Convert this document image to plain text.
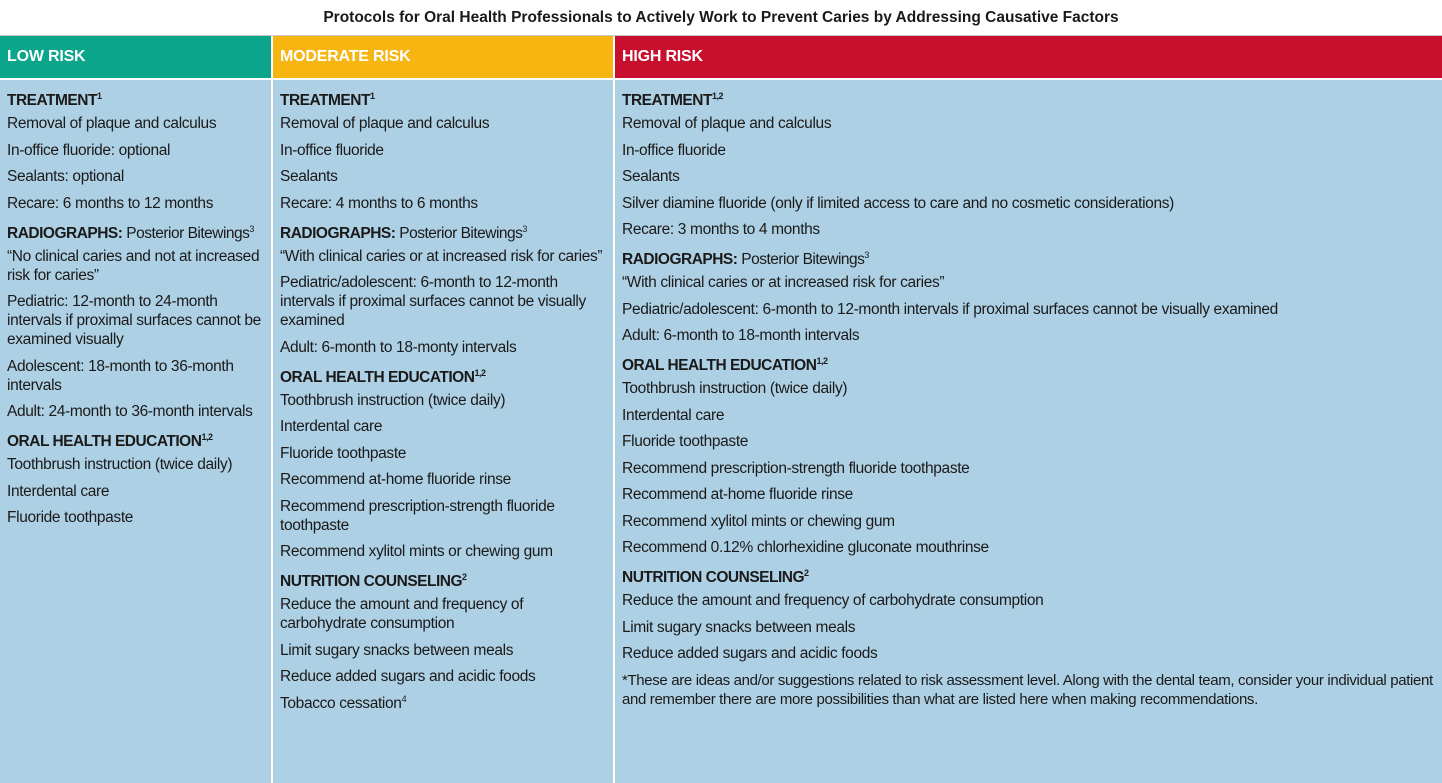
Protocols for Oral Health Professionals to Actively Work to Prevent Caries by Addressing Causative Factors
LOW RISK
TREATMENT$^1$
Removal of plaque and calculus
In-office fluoride: optional
Sealants: optional
Recare: 6 months to 12 months
RADIOGRAPHS: Posterior Bitewings$^3$
“No clinical caries and not at increased risk for caries”
Pediatric: 12-month to 24-month intervals if proximal surfaces cannot be examined visually
Adolescent: 18-month to 36-month intervals
Adult: 24-month to 36-month intervals
ORAL HEALTH EDUCATION$^{1,2}$
Toothbrush instruction (twice daily)
Interdental care
Fluoride toothpaste
MODERATE RISK
TREATMENT$^1$
Removal of plaque and calculus
In-office fluoride
Sealants
Recare: 4 months to 6 months
RADIOGRAPHS: Posterior Bitewings$^3$
“With clinical caries or at increased risk for caries”
Pediatric/adolescent: 6-month to 12-month intervals if proximal surfaces cannot be visually examined
Adult: 6-month to 18-monty intervals
ORAL HEALTH EDUCATION$^{1,2}$
Toothbrush instruction (twice daily)
Interdental care
Fluoride toothpaste
Recommend at-home fluoride rinse
Recommend prescription-strength fluoride toothpaste
Recommend xylitol mints or chewing gum
NUTRITION COUNSELING$^2$
Reduce the amount and frequency of carbohydrate consumption
Limit sugary snacks between meals
Reduce added sugars and acidic foods
Tobacco cessation$^4$
HIGH RISK
TREATMENT$^{1,2}$
Removal of plaque and calculus
In-office fluoride
Sealants
Silver diamine fluoride (only if limited access to care and no cosmetic considerations)
Recare: 3 months to 4 months
RADIOGRAPHS: Posterior Bitewings$^3$
“With clinical caries or at increased risk for caries”
Pediatric/adolescent: 6-month to 12-month intervals if proximal surfaces cannot be visually examined
Adult: 6-month to 18-month intervals
ORAL HEALTH EDUCATION$^{1,2}$
Toothbrush instruction (twice daily)
Interdental care
Fluoride toothpaste
Recommend prescription-strength fluoride toothpaste
Recommend at-home fluoride rinse
Recommend xylitol mints or chewing gum
Recommend 0.12% chlorhexidine gluconate mouthrinse
NUTRITION COUNSELING$^2$
Reduce the amount and frequency of carbohydrate consumption
Limit sugary snacks between meals
Reduce added sugars and acidic foods
*These are ideas and/or suggestions related to risk assessment level. Along with the dental team, consider your individual patient and remember there are more possibilities than what are listed here when making recommendations.
